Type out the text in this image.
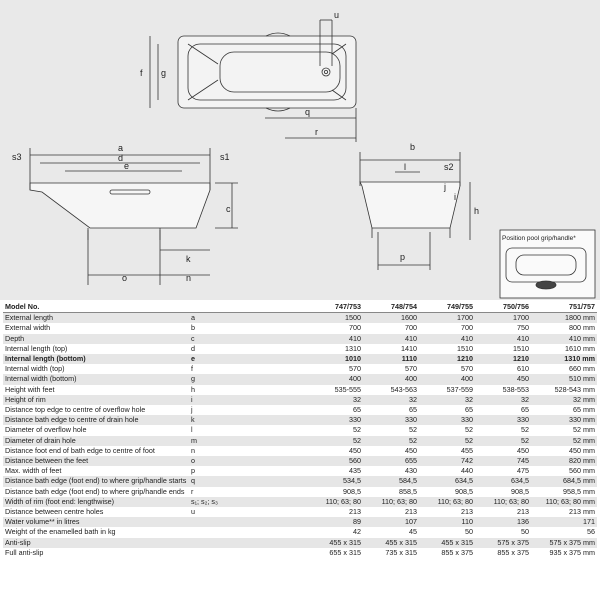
u
f g
q
r
a
s3	d	s1
e
c
k
o	n
b
l	s2
j
i
h
p
Position pool grip/handle*
Model No.		747/753	748/754	749/755	750/756	751/757
External length	a	1500	1600	1700	1700	1800 mm
External width	b	700	700	700	750	800 mm
Depth	c	410	410	410	410	410 mm
Internal length (top)	d	1310	1410	1510	1510	1610 mm
Internal length (bottom)	e	1010	1110	1210	1210	1310 mm
Internal width (top)	f	570	570	570	610	660 mm
Internal width (bottom)	g	400	400	400	450	510 mm
Height with feet	h	535-555	543-563	537-559	538-553	528-543 mm
Height of rim	i	32	32	32	32	32 mm
Distance top edge to centre of overflow hole	j	65	65	65	65	65 mm
Distance bath edge to centre of drain hole	k	330	330	330	330	330 mm
Diameter of overflow hole	l	52	52	52	52	52 mm
Diameter of drain hole	m	52	52	52	52	52 mm
Distance foot end of bath edge to centre of foot	n	450	450	455	450	450 mm
Distance between the feet	o	560	655	742	745	820 mm
Max. width of feet	p	435	430	440	475	560 mm
Distance bath edge (foot end) to where grip/handle starts	q	534,5	584,5	634,5	634,5	684,5 mm
Distance bath edge (foot end) to where grip/handle ends	r	908,5	858,5	908,5	908,5	958,5 mm
Width of rim (foot end: lengthwise)	s₁; s₂; s₃	110; 63; 80	110; 63; 80	110; 63; 80	110; 63; 80	110; 63; 80 mm
Distance between centre holes	u	213	213	213	213	213 mm
Water volume** in litres		89	107	110	136	171
Weight of the enamelled bath in kg		42	45	50	50	56
Anti-slip		455 x 315	455 x 315	455 x 315	575 x 375	575 x 375 mm
Full anti-slip		655 x 315	735 x 315	855 x 375	855 x 375	935 x 375 mm
